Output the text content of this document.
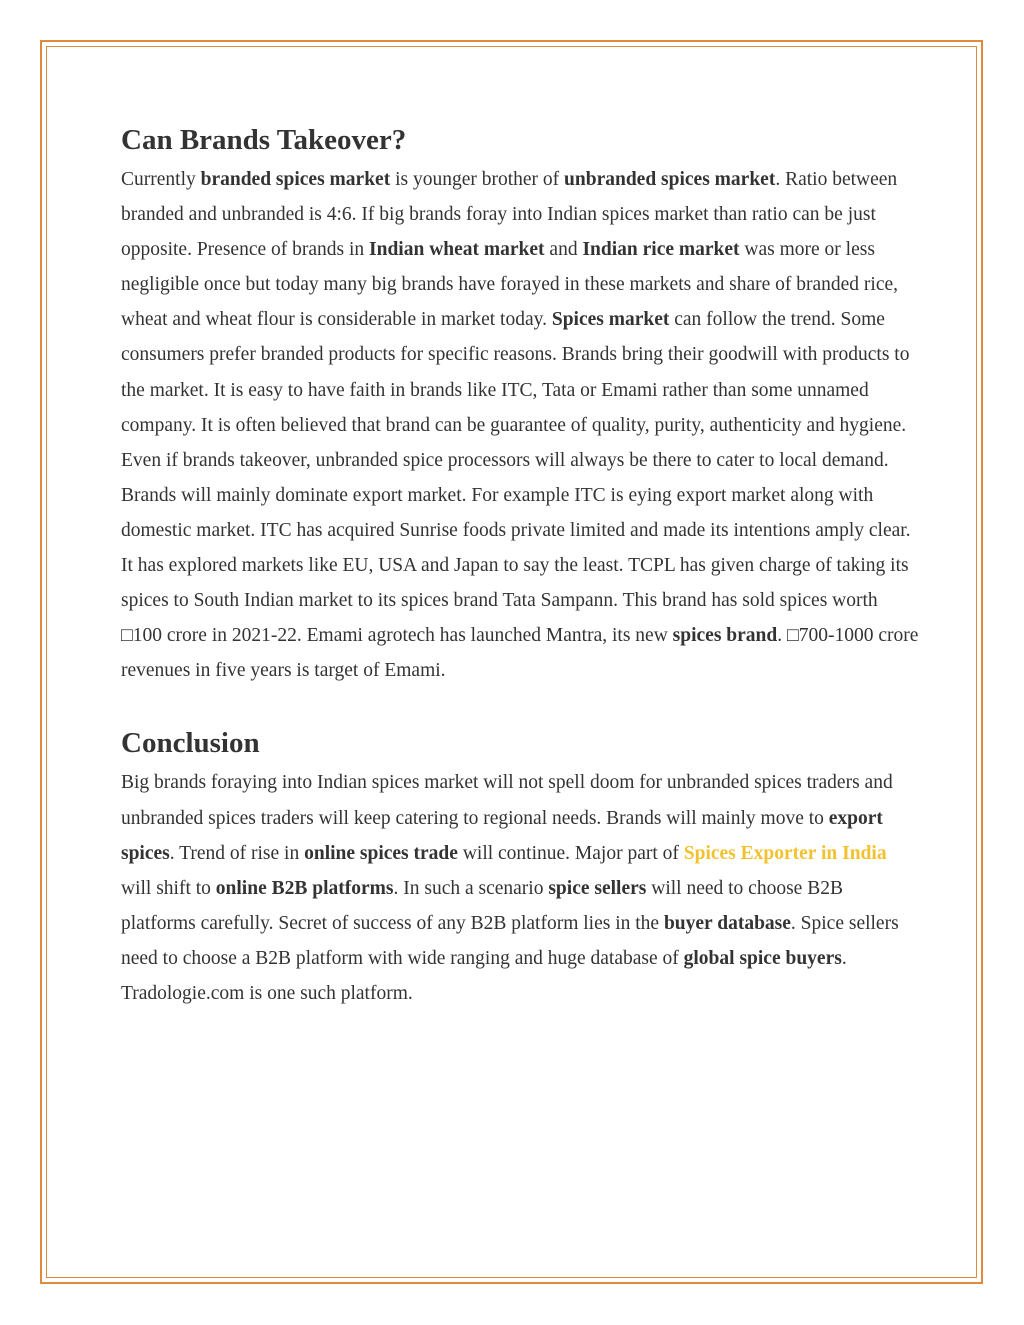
Can Brands Takeover?

Currently branded spices market is younger brother of unbranded spices market. Ratio between branded and unbranded is 4:6. If big brands foray into Indian spices market than ratio can be just opposite. Presence of brands in Indian wheat market and Indian rice market was more or less negligible once but today many big brands have forayed in these markets and share of branded rice, wheat and wheat flour is considerable in market today. Spices market can follow the trend. Some consumers prefer branded products for specific reasons. Brands bring their goodwill with products to the market. It is easy to have faith in brands like ITC, Tata or Emami rather than some unnamed company. It is often believed that brand can be guarantee of quality, purity, authenticity and hygiene. Even if brands takeover, unbranded spice processors will always be there to cater to local demand. Brands will mainly dominate export market. For example ITC is eying export market along with domestic market. ITC has acquired Sunrise foods private limited and made its intentions amply clear. It has explored markets like EU, USA and Japan to say the least. TCPL has given charge of taking its spices to South Indian market to its spices brand Tata Sampann. This brand has sold spices worth □100 crore in 2021-22. Emami agrotech has launched Mantra, its new spices brand. □700-1000 crore revenues in five years is target of Emami.

Conclusion

Big brands foraying into Indian spices market will not spell doom for unbranded spices traders and unbranded spices traders will keep catering to regional needs. Brands will mainly move to export spices. Trend of rise in online spices trade will continue. Major part of Spices Exporter in India will shift to online B2B platforms. In such a scenario spice sellers will need to choose B2B platforms carefully. Secret of success of any B2B platform lies in the buyer database. Spice sellers need to choose a B2B platform with wide ranging and huge database of global spice buyers. Tradologie.com is one such platform.
